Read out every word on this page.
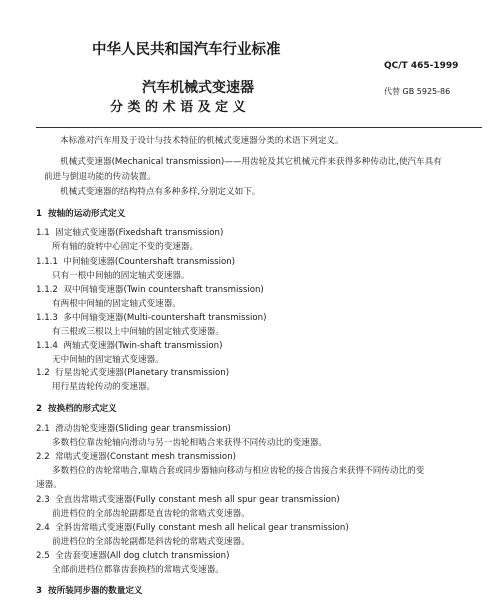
中华人民共和国汽车行业标准
QC/T 465-1999
汽车机械式变速器
分 类 的 术 语 及 定 义
代替 GB 5925-86
本标准对汽车用及于设计与技术特征的机械式变速器分类的术语下列定义。
机械式变速器(Mechanical transmission)——用齿轮及其它机械元件来获得多种传动比,使汽车具有
前进与倒退功能的传动装置。
机械式变速器的结构特点有多种多样,分别定义如下。
1 按轴的运动形式定义
1.1 固定轴式变速器(Fixedshaft transmission)
所有轴的旋转中心固定不变的变速器。
1.1.1 中间轴变速器(Countershaft transmission)
只有一根中间轴的固定轴式变速器。
1.1.2 双中间轴变速器(Twin countershaft transmission)
有两根中间轴的固定轴式变速器。
1.1.3 多中间轴变速器(Multi-countershaft transmission)
有三根或三根以上中间轴的固定轴式变速器。
1.1.4 两轴式变速器(Twin-shaft transmission)
无中间轴的固定轴式变速器。
1.2 行星齿轮式变速器(Planetary transmission)
用行星齿轮传动的变速器。
2 按换档的形式定义
2.1 滑动齿轮变速器(Sliding gear transmission)
多数档位靠齿轮轴向滑动与另一齿轮相啮合来获得不同传动比的变速器。
2.2 常啮式变速器(Constant mesh transmission)
多数档位的齿轮常啮合,靠啮合套或同步器轴向移动与相应齿轮的接合齿接合来获得不同传动比的变
速器。
2.3 全直齿常啮式变速器(Fully constant mesh all spur gear transmission)
前进档位的全部齿轮副都是直齿轮的常啮式变速器。
2.4 全斜齿常啮式变速器(Fully constant mesh all helical gear transmission)
前进档位的全部齿轮副都是斜齿轮的常啮式变速器。
2.5 全齿套变速器(All dog clutch transmission)
全部前进档位都靠齿套换档的常啮式变速器。
3 按所装同步器的数量定义
